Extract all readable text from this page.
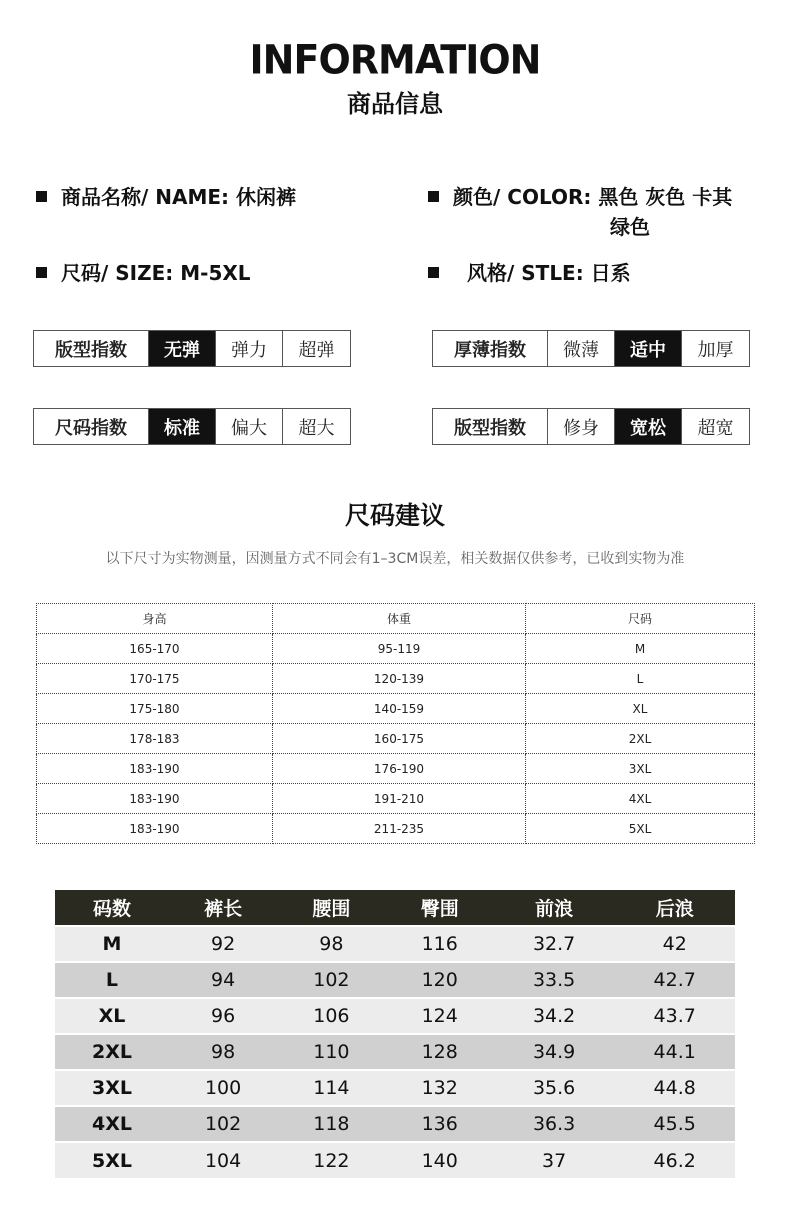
INFORMATION
商品信息
商品名称/ NAME: 休闲裤	颜色/ COLOR: 黑色 灰色 卡其
绿色
尺码/ SIZE: M-5XL	风格/ STLE: 日系
版型指数	无弹	弹力	超弹	厚薄指数	微薄	适中	加厚
尺码指数	标准	偏大	超大	版型指数	修身	宽松	超宽
尺码建议
以下尺寸为实物测量，因测量方式不同会有1–3CM误差，相关数据仅供参考，已收到实物为准
身高	体重	尺码
165-170	95-119	M
170-175	120-139	L
175-180	140-159	XL
178-183	160-175	2XL
183-190	176-190	3XL
183-190	191-210	4XL
183-190	211-235	5XL
码数	裤长	腰围	臀围	前浪	后浪
M	92	98	116	32.7	42
L	94	102	120	33.5	42.7
XL	96	106	124	34.2	43.7
2XL	98	110	128	34.9	44.1
3XL	100	114	132	35.6	44.8
4XL	102	118	136	36.3	45.5
5XL	104	122	140	37	46.2
